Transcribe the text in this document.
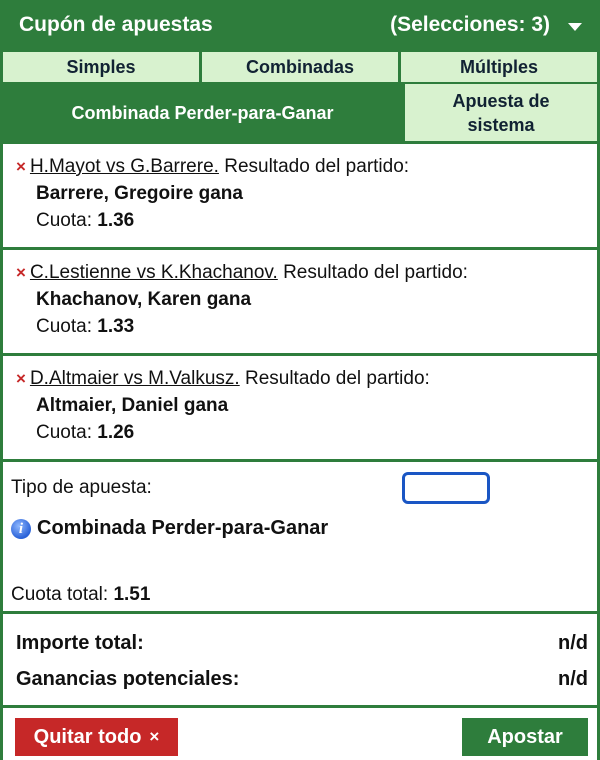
Cupón de apuestas	(Selecciones: 3)
Simples	Combinadas	Múltiples
Combinada Perder-para-Ganar
Apuesta de sistema
× H.Mayot vs G.Barrere. Resultado del partido:
Barrere, Gregoire gana
Cuota: 1.36
× C.Lestienne vs K.Khachanov. Resultado del partido:
Khachanov, Karen gana
Cuota: 1.33
× D.Altmaier vs M.Valkusz. Resultado del partido:
Altmaier, Daniel gana
Cuota: 1.26
Tipo de apuesta:
i Combinada Perder-para-Ganar
Cuota total: 1.51
Importe total:	n/d
Ganancias potenciales:	n/d
Quitar todo ×	Apostar
